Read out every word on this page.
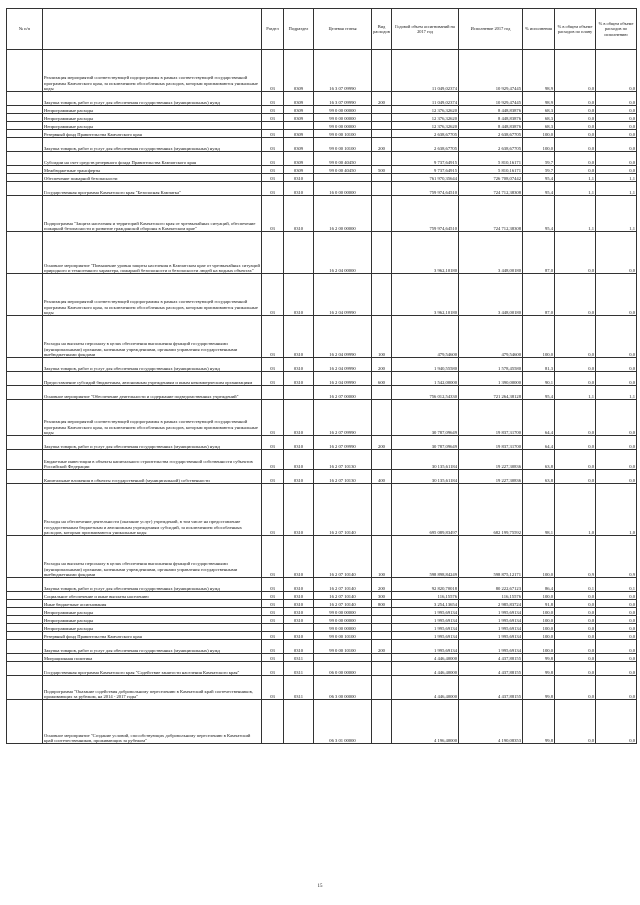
№ п/п		Раздел	Подраздел	Целевая статья	Вид расходов	Годовой объем ассигнований на 2017 год	Исполнение 2017 год	% исполнения	% в общем объеме расходов по плану	% в общем объеме расходов по исполнению
	Реализация мероприятий соответствующей подпрограммы в рамках соответствующей государственной программы Камчатского края, за исключением обособленных расходов, которым присваиваются уникальные коды	03	0309	16 3 07 09990		11 049,02374	10 929,47445	98,9	0,0	0,0
	Закупка товаров, работ и услуг для обеспечения государственных (муниципальных) нужд	03	0309	16 3 07 09990	200	11 049,02374	10 929,47445	98,9	0,0	0,0
	Непрограммные расходы	03	0309	99 0 00 00000		12 376,32620	8 448,83876	68,3	0,0	0,0
	Непрограммные расходы	03	0309	99 0 00 00000		12 376,32620	8 448,83876	68,3	0,0	0,0
	Непрограммные расходы			99 0 00 00000		12 376,32620	8 448,83876	68,3	0,0	0,0
	Резервный фонд Правительства Камчатского края	03	0309	99 0 00 10100		2 638,67705	2 638,67705	100,0	0,0	0,0
	Закупка товаров, работ и услуг для обеспечения государственных (муниципальных) нужд	03	0309	99 0 00 10100	200	2 638,67705	2 638,67705	100,0	0,0	0,0
	Субсидии на счет средств резервного фонда Правительства Камчатского края	03	0309	99 0 00 40450		9 737,64915	5 810,16171	59,7	0,0	0,0
	Межбюджетные трансферты	03	0309	99 0 00 40450	500	9 737,64915	5 810,16171	59,7	0,0	0,0
	Обеспечение пожарной безопасности	03	0310			761 970,35644	726 708,07442	95,4	1,1	1,1
	Государственная программа Камчатского края "Безопасная Камчатка"	03	0310	16 0 00 00000		759 974,64510	724 712,38308	95,4	1,1	1,1
	Подпрограмма "Защита населения и территорий Камчатского края от чрезвычайных ситуаций, обеспечение пожарной безопасности и развитие гражданской обороны в Камчатском крае"	03	0310	16 2 00 00000		759 974,64510	724 712,38308	95,4	1,1	1,1
	Основное мероприятие "Повышение уровня защиты населения в Камчатском крае от чрезвычайных ситуаций природного и техногенного характера, пожарной безопасности и безопасности людей на водных объектах"			16 2 04 00000		3 962,10180	3 448,00180	87,0	0,0	0,0
	Реализация мероприятий соответствующей подпрограммы в рамках соответствующей государственной программы Камчатского края, за исключением обособленных расходов, которым присваиваются уникальные коды	03	0310	16 2 04 09990		3 962,10180	3 448,00180	87,0	0,0	0,0
	Расходы на выплаты персоналу в целях обеспечения выполнения функций государственными (муниципальными) органами, казенными учреждениями, органами управления государственными внебюджетными фондами	03	0310	16 2 04 09990	100	479,54600	479,54600	100,0	0,0	0,0
	Закупка товаров, работ и услуг для обеспечения государственных (муниципальных) нужд	03	0310	16 2 04 09990	200	1 940,55580	1 578,45580	81,3	0,0	0,0
	Предоставление субсидий бюджетным, автономным учреждениям и иным некоммерческим организациям	03	0310	16 2 04 09990	600	1 542,00000	1 390,00000	90,1	0,0	0,0
	Основное мероприятие "Обеспечение деятельности и содержание подведомственных учреждений"			16 2 07 00000		756 012,54330	721 264,38128	95,4	1,1	1,1
	Реализация мероприятий соответствующей подпрограммы в рамках соответствующей государственной программы Камчатского края, за исключением обособленных расходов, которым присваиваются уникальные коды	03	0310	16 2 07 09990		30 787,09649	19 837,31700	64,4	0,0	0,0
	Закупка товаров, работ и услуг для обеспечения государственных (муниципальных) нужд	03	0310	16 2 07 09990	200	30 787,09649	19 837,31700	64,4	0,0	0,0
	Бюджетные инвестиции в объекты капитального строительства государственной собственности субъектов Российской Федерации	03	0310	16 2 07 10130		30 135,61184	19 227,30836	63,8	0,0	0,0
	Капитальные вложения в объекты государственной (муниципальной) собственности	03	0310	16 2 07 10130	400	30 135,61184	19 227,30836	63,8	0,0	0,0
	Расходы на обеспечение деятельности (оказание услуг) учреждений, в том числе на предоставление государственным бюджетным и автономным учреждениям субсидий, за исключением обособленных расходов, которым присваиваются уникальные коды	03	0310	16 2 07 10140		695 089,83497	682 199,75592	98,1	1,0	1,0
	Расходы на выплаты персоналу в целях обеспечения выполнения функций государственными (муниципальными) органами, казенными учреждениями, органами управления государственными внебюджетными фондами	03	0310	16 2 07 10140	100	598 898,84249	598 875,12171	100,0	0,9	0,9
	Закупка товаров, работ и услуг для обеспечения государственных (муниципальных) нужд	03	0310	16 2 07 10140	200	92 820,70018	80 222,67123	86,4	0,1	0,1
	Социальное обеспечение и иные выплаты населению	03	0310	16 2 07 10140	300	116,15576	116,15576	100,0	0,0	0,0
	Иные бюджетные ассигнования	03	0310	16 2 07 10140	800	3 254,13654	2 985,83724	91,8	0,0	0,0
	Непрограммные расходы	03	0310	99 0 00 00000		1 995,69134	1 995,69134	100,0	0,0	0,0
	Непрограммные расходы	03	0310	99 0 00 00000		1 995,69134	1 995,69134	100,0	0,0	0,0
	Непрограммные расходы			99 0 00 00000		1 995,69134	1 995,69134	100,0	0,0	0,0
	Резервный фонд Правительства Камчатского края	03	0310	99 0 00 10100		1 995,69134	1 995,69134	100,0	0,0	0,0
	Закупка товаров, работ и услуг для обеспечения государственных (муниципальных) нужд	03	0310	99 0 00 10100	200	1 995,69134	1 995,69134	100,0	0,0	0,0
	Миграционная политика	03	0311			4 446,40000	4 437,88155	99,8	0,0	0,0
	Государственная программа Камчатского края "Содействие занятости населения Камчатского края"	03	0311	06 0 00 00000		4 446,40000	4 437,88155	99,8	0,0	0,0
	Подпрограмма "Оказание содействия добровольному переселению в Камчатский край соотечественников, проживающих за рубежом, на 2014 - 2017 годы"	03	0311	06 3 00 00000		4 446,40000	4 437,88155	99,8	0,0	0,0
	Основное мероприятие "Создание условий, способствующих добровольному переселению в Камчатский край соотечественников, проживающих за рубежом"			06 3 01 00000		4 196,40000	4 190,08353	99,8	0,0	0,0
15
